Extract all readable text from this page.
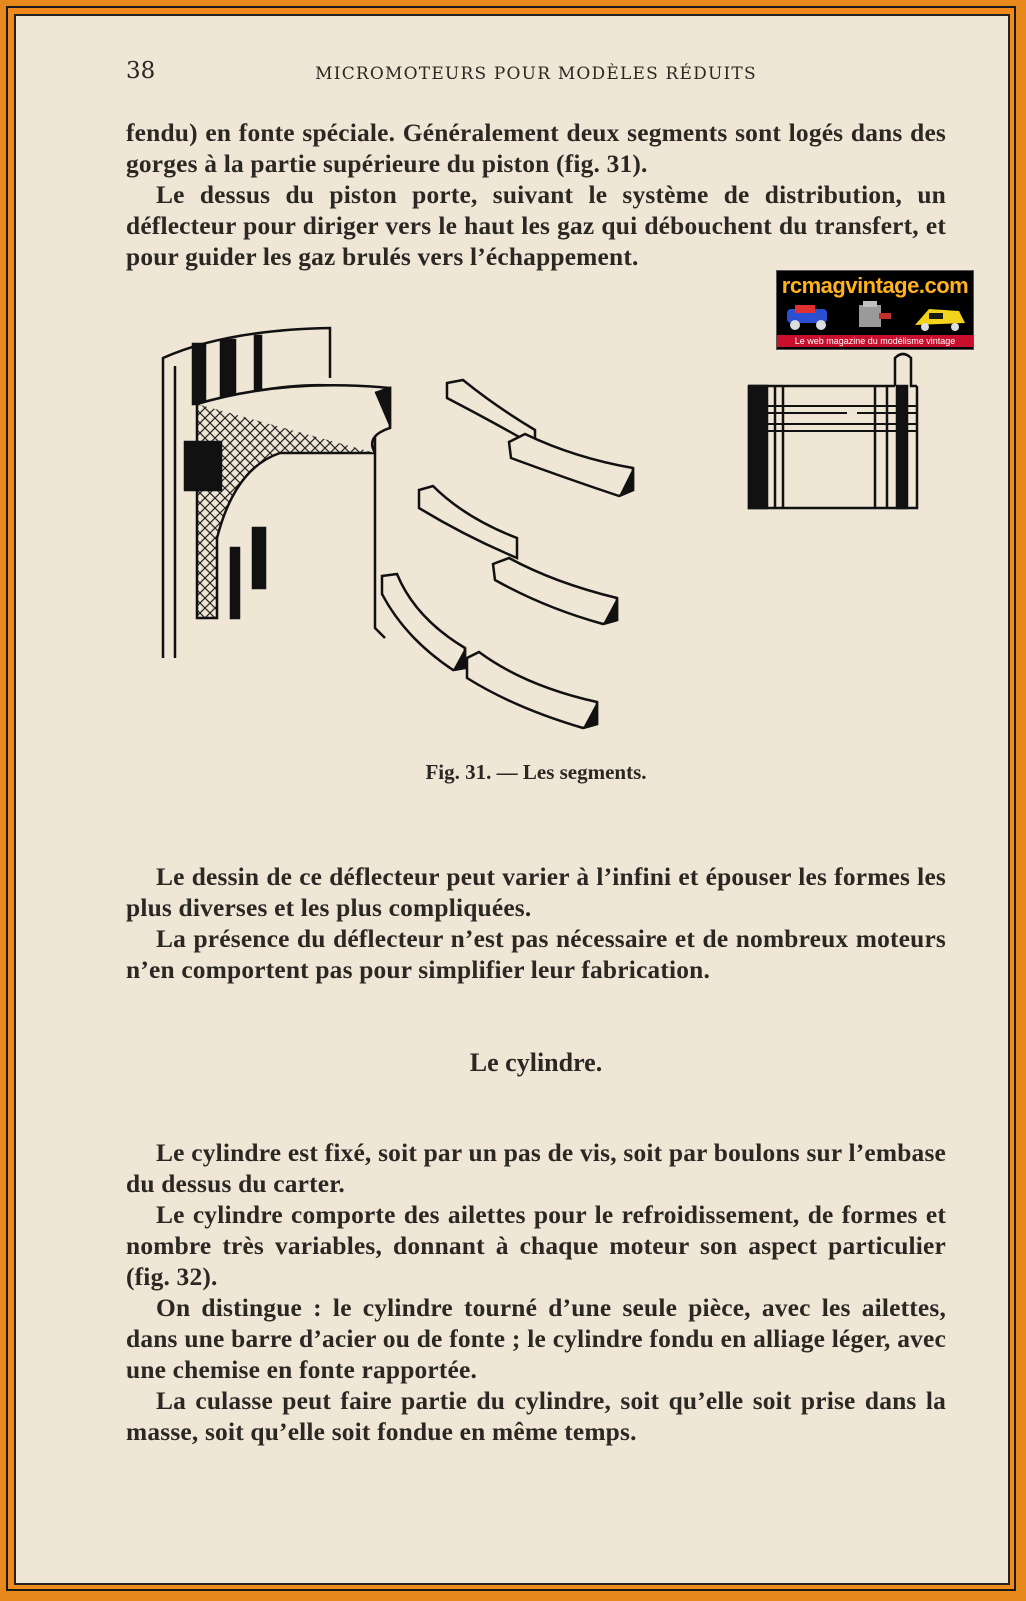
38	MICROMOTEURS POUR MODÈLES RÉDUITS

fendu) en fonte spéciale. Généralement deux segments sont logés dans des gorges à la partie supérieure du piston (fig. 31).

Le dessus du piston porte, suivant le système de distribution, un déflecteur pour diriger vers le haut les gaz qui débouchent du transfert, et pour guider les gaz brulés vers l’échappement.

rcmagvintage.com
Le web magazine du modélisme vintage
Fig. 31. — Les segments.

Le dessin de ce déflecteur peut varier à l’infini et épouser les formes les plus diverses et les plus compliquées.

La présence du déflecteur n’est pas nécessaire et de nombreux moteurs n’en comportent pas pour simplifier leur fabrication.

Le cylindre.

Le cylindre est fixé, soit par un pas de vis, soit par boulons sur l’embase du dessus du carter.

Le cylindre comporte des ailettes pour le refroidissement, de formes et nombre très variables, donnant à chaque moteur son aspect particulier (fig. 32).

On distingue : le cylindre tourné d’une seule pièce, avec les ailettes, dans une barre d’acier ou de fonte ; le cylindre fondu en alliage léger, avec une chemise en fonte rapportée.

La culasse peut faire partie du cylindre, soit qu’elle soit prise dans la masse, soit qu’elle soit fondue en même temps.
